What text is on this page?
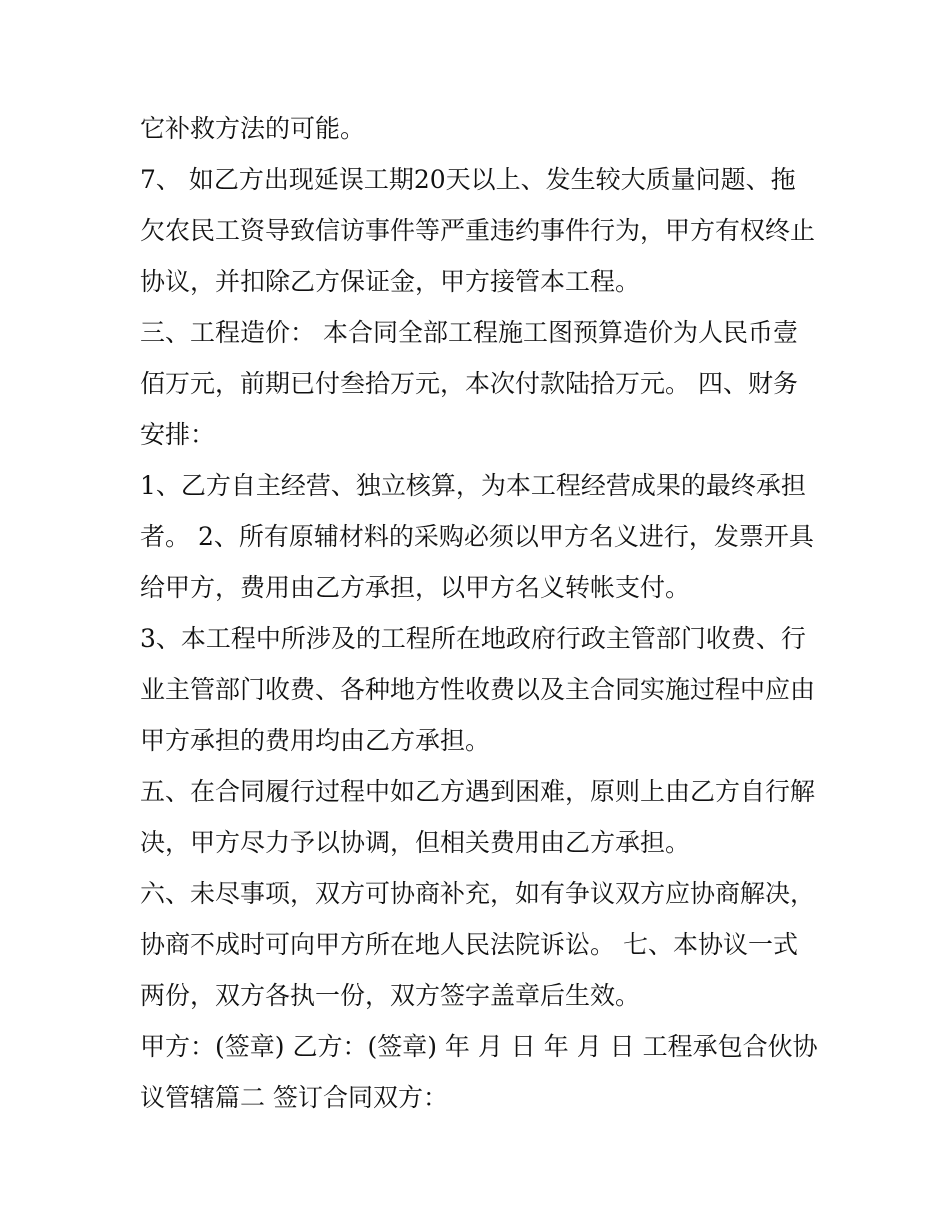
它补救方法的可能。
7、 如乙方出现延误工期20天以上、发生较大质量问题、拖
欠农民工资导致信访事件等严重违约事件行为，甲方有权终止
协议，并扣除乙方保证金，甲方接管本工程。
三、工程造价： 本合同全部工程施工图预算造价为人民币壹
佰万元，前期已付叁拾万元，本次付款陆拾万元。 四、财务
安排：
1、乙方自主经营、独立核算，为本工程经营成果的最终承担
者。 2、所有原辅材料的采购必须以甲方名义进行，发票开具
给甲方，费用由乙方承担，以甲方名义转帐支付。
3、本工程中所涉及的工程所在地政府行政主管部门收费、行
业主管部门收费、各种地方性收费以及主合同实施过程中应由
甲方承担的费用均由乙方承担。
五、在合同履行过程中如乙方遇到困难，原则上由乙方自行解
决，甲方尽力予以协调，但相关费用由乙方承担。
六、未尽事项，双方可协商补充，如有争议双方应协商解决，
协商不成时可向甲方所在地人民法院诉讼。 七、本协议一式
两份，双方各执一份，双方签字盖章后生效。
甲方：(签章) 乙方：(签章) 年 月 日 年 月 日 工程承包合伙协
议管辖篇二 签订合同双方：
